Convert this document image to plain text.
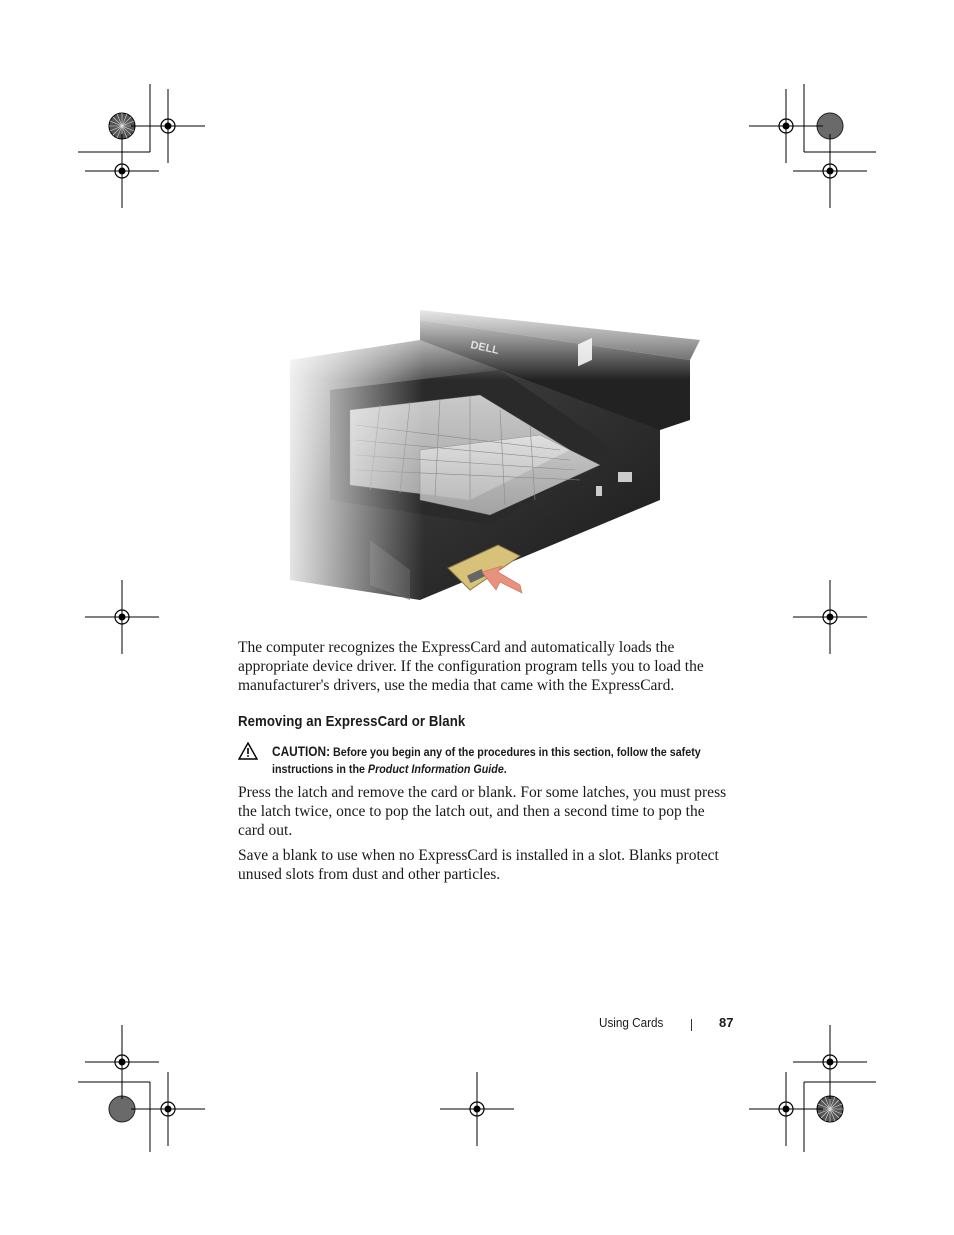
The computer recognizes the ExpressCard and automatically loads the appropriate device driver. If the configuration program tells you to load the manufacturer's drivers, use the media that came with the ExpressCard.

Removing an ExpressCard or Blank

CAUTION: Before you begin any of the procedures in this section, follow the safety instructions in the Product Information Guide.

Press the latch and remove the card or blank. For some latches, you must press the latch twice, once to pop the latch out, and then a second time to pop the card out.

Save a blank to use when no ExpressCard is installed in a slot. Blanks protect unused slots from dust and other particles.

Using Cards	87
